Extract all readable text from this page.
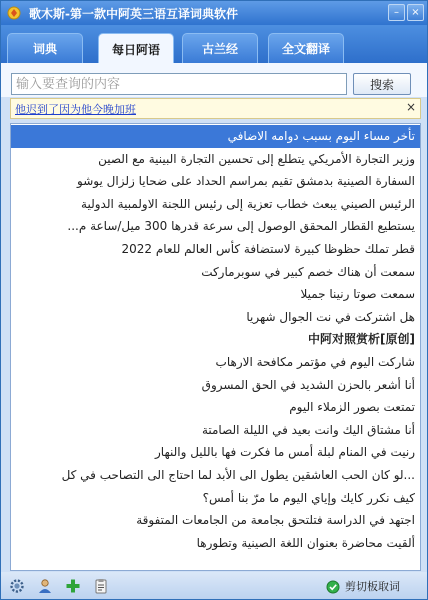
歌木斯-第一款中阿英三语互译词典软件	–	×
词典	每日阿语	古兰经	全文翻译
输入要查询的内容
搜索
他迟到了因为他今晚加班	×
تأخر مساء اليوم بسبب دوامه الاضافي
وزير التجارة الأمريكي يتطلع إلى تحسين التجارة البينية مع الصين
السفارة الصينية بدمشق تقيم بمراسم الحداد على ضحايا زلزال يوشو
الرئيس الصيني يبعث خطاب تعزية إلى رئيس اللجنة الاولمبية الدولية
يستطيع القطار المحقق الوصول إلى سرعة قدرها 300 ميل/ساعة م...
قطر تملك حظوظا كبيرة لاستضافة كأس العالم للعام 2022
سمعت أن هناك خصم كبير في سوبرماركت
سمعت صوتا رنينا جميلا
هل اشتركت في نت الجوال شهريا
[原创]中阿对照赏析
شاركت اليوم في مؤتمر مكافحة الارهاب
أنا أشعر بالحزن الشديد في الحق المسروق
تمتعت بصور الزملاء اليوم
أنا مشتاق اليك وانت بعيد في الليلة الصامتة
رنيت في المنام لبلة أمس ما فكرت فها بالليل والنهار
...لو كان الحب العاشقين يطول الى الأبد لما احتاج الى التصاحب في كل
كيف نكرر كايك وإياي اليوم ما مرّ بنا أمس؟
اجتهد في الدراسة فتلتحق بجامعة من الجامعات المتفوقة
ألقيت محاضرة بعنوان اللغة الصينية وتطورها
剪切板取词
